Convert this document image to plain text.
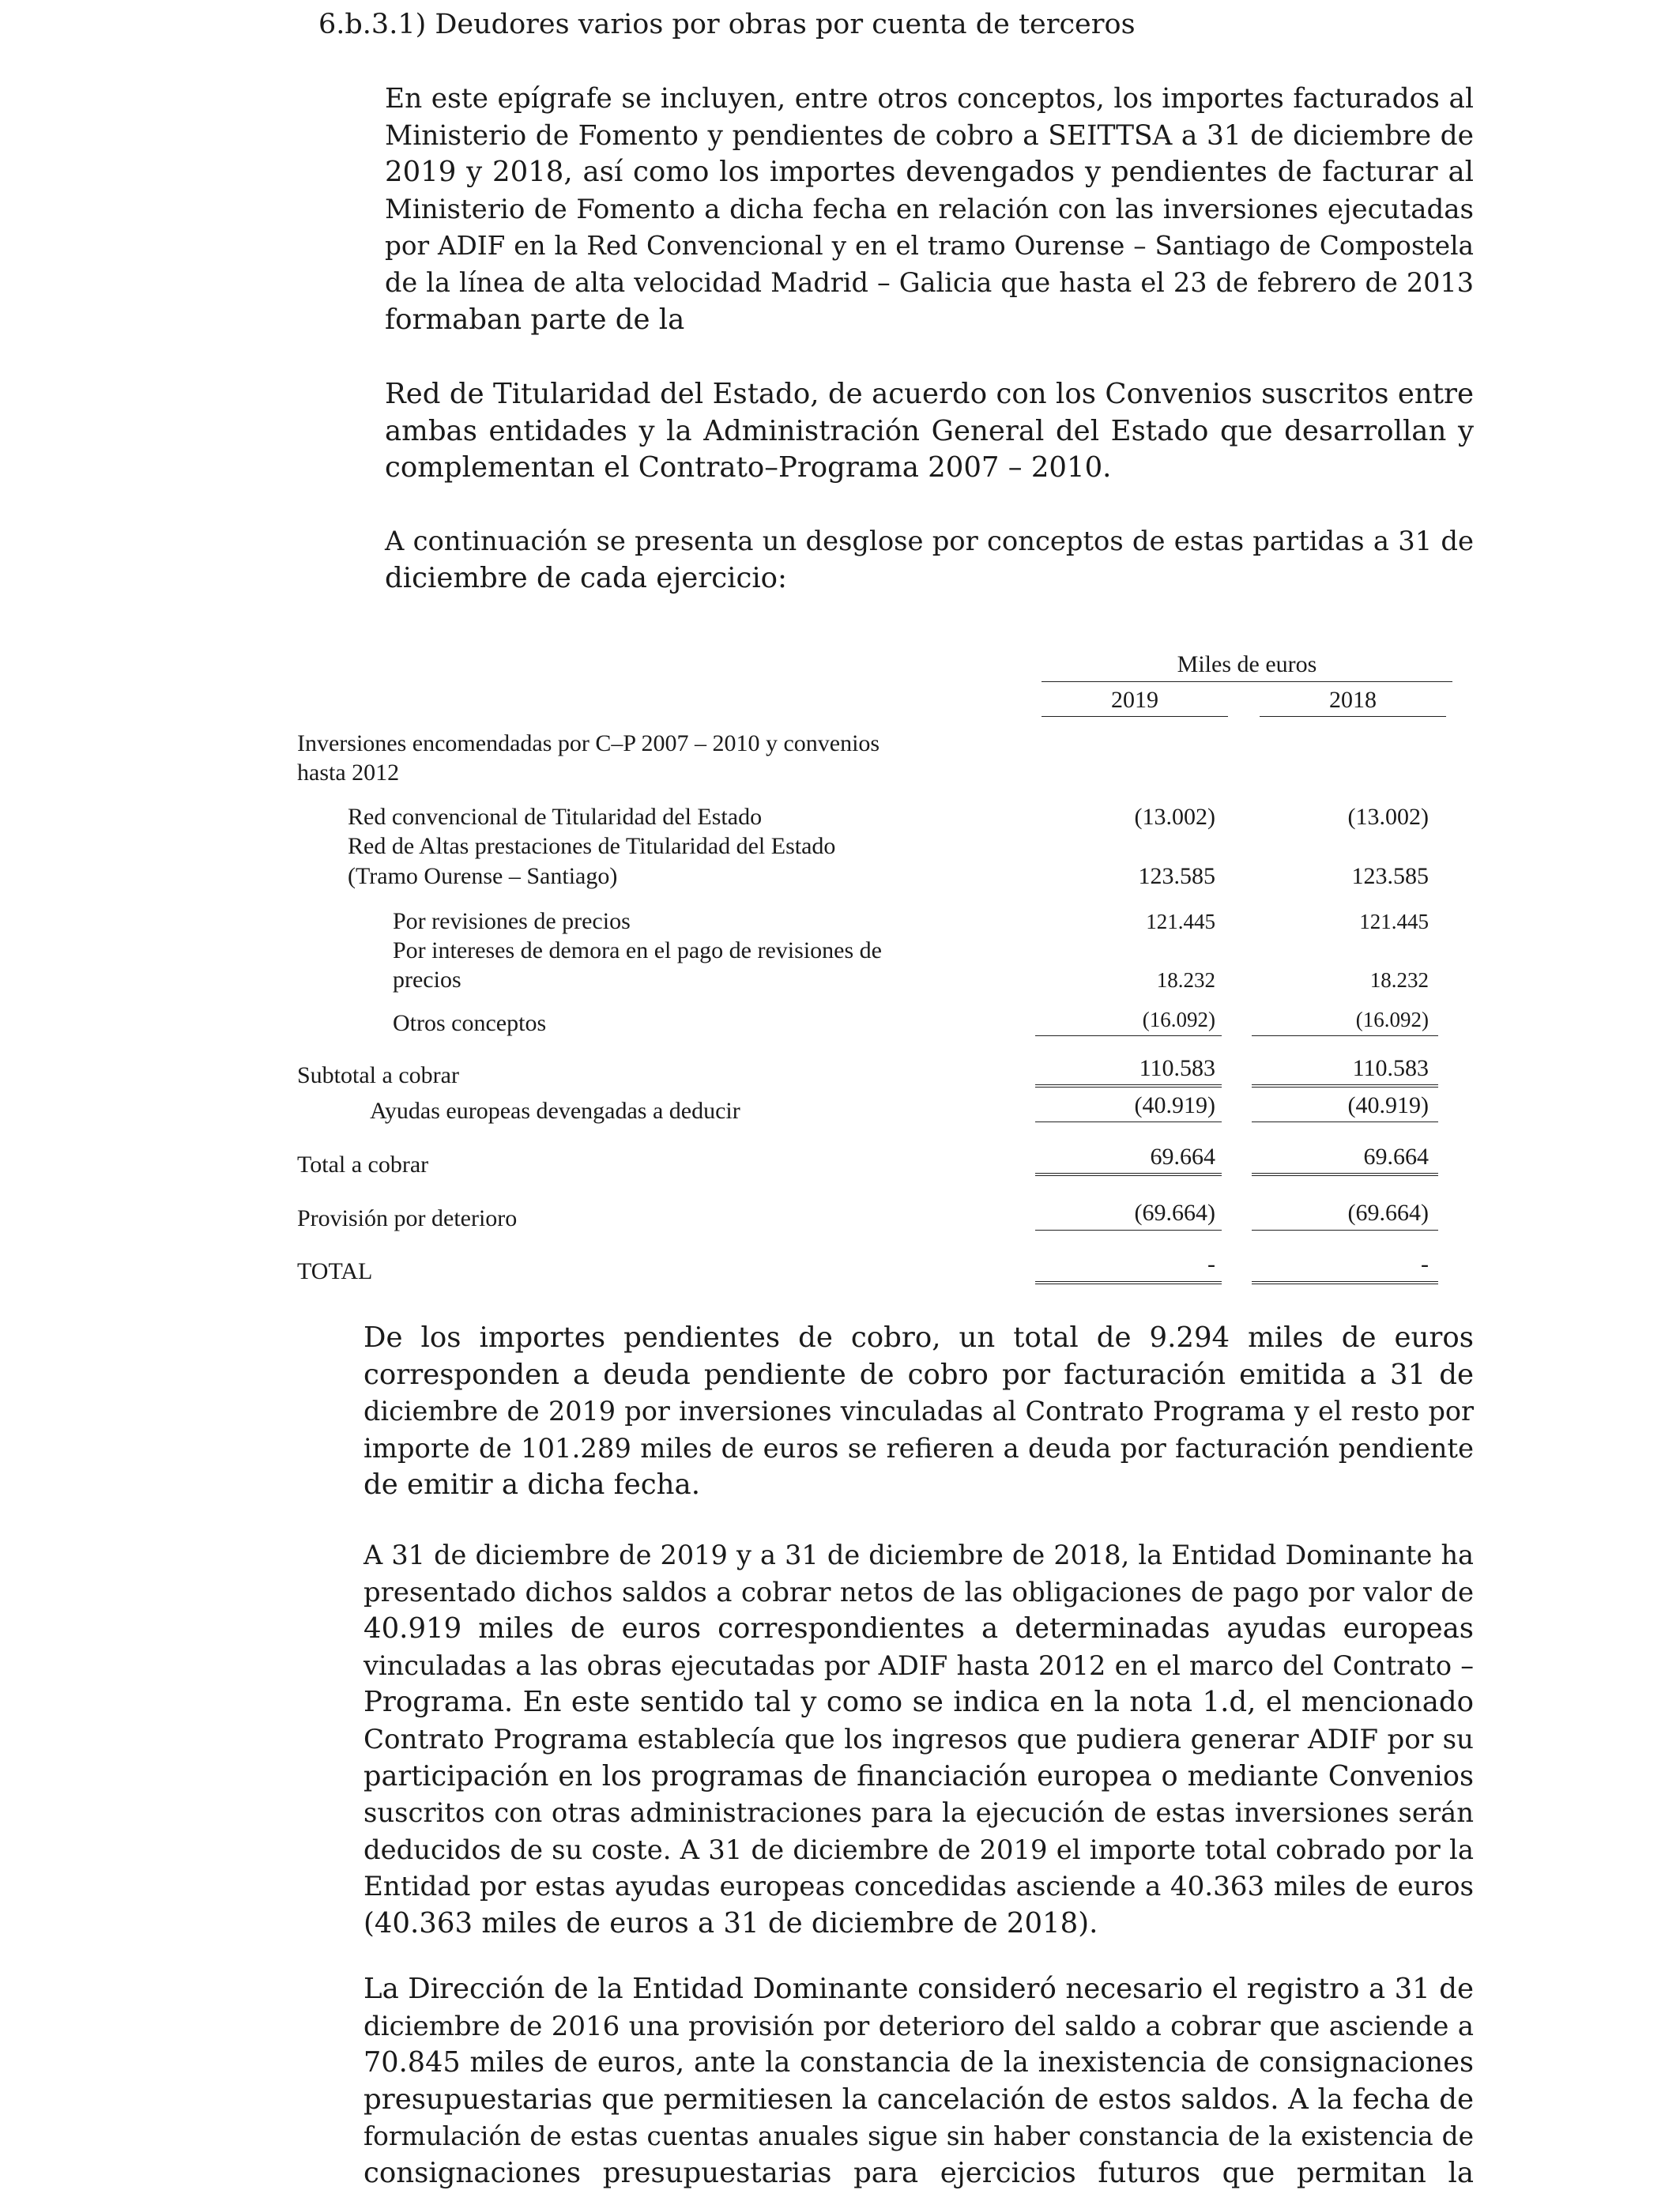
6.b.3.1) Deudores varios por obras por cuenta de terceros
En este epígrafe se incluyen, entre otros conceptos, los importes facturados al
Ministerio de Fomento y pendientes de cobro a SEITTSA a 31 de diciembre de
2019 y 2018, así como los importes devengados y pendientes de facturar al
Ministerio de Fomento a dicha fecha en relación con las inversiones ejecutadas
por ADIF en la Red Convencional y en el tramo Ourense – Santiago de Compostela
de la línea de alta velocidad Madrid – Galicia que hasta el 23 de febrero de 2013
formaban parte de la
Red de Titularidad del Estado, de acuerdo con los Convenios suscritos entre
ambas entidades y la Administración General del Estado que desarrollan y
complementan el Contrato–Programa 2007 – 2010.
A continuación se presenta un desglose por conceptos de estas partidas a 31 de
diciembre de cada ejercicio:
Miles de euros
2019	2018
Inversiones encomendadas por C–P 2007 – 2010 y convenios
hasta 2012
Red convencional de Titularidad del Estado	(13.002)	(13.002)
Red de Altas prestaciones de Titularidad del Estado
(Tramo Ourense – Santiago)	123.585	123.585
Por revisiones de precios	121.445	121.445
Por intereses de demora en el pago de revisiones de
precios	18.232	18.232
Otros conceptos	(16.092)	(16.092)
Subtotal a cobrar	110.583	110.583
Ayudas europeas devengadas a deducir	(40.919)	(40.919)
Total a cobrar	69.664	69.664
Provisión por deterioro	(69.664)	(69.664)
TOTAL	-	-
De los importes pendientes de cobro, un total de 9.294 miles de euros
corresponden a deuda pendiente de cobro por facturación emitida a 31 de
diciembre de 2019 por inversiones vinculadas al Contrato Programa y el resto por
importe de 101.289 miles de euros se refieren a deuda por facturación pendiente
de emitir a dicha fecha.
A 31 de diciembre de 2019 y a 31 de diciembre de 2018, la Entidad Dominante ha
presentado dichos saldos a cobrar netos de las obligaciones de pago por valor de
40.919 miles de euros correspondientes a determinadas ayudas europeas
vinculadas a las obras ejecutadas por ADIF hasta 2012 en el marco del Contrato –
Programa. En este sentido tal y como se indica en la nota 1.d, el mencionado
Contrato Programa establecía que los ingresos que pudiera generar ADIF por su
participación en los programas de financiación europea o mediante Convenios
suscritos con otras administraciones para la ejecución de estas inversiones serán
deducidos de su coste. A 31 de diciembre de 2019 el importe total cobrado por la
Entidad por estas ayudas europeas concedidas asciende a 40.363 miles de euros
(40.363 miles de euros a 31 de diciembre de 2018).
La Dirección de la Entidad Dominante consideró necesario el registro a 31 de
diciembre de 2016 una provisión por deterioro del saldo a cobrar que asciende a
70.845 miles de euros, ante la constancia de la inexistencia de consignaciones
presupuestarias que permitiesen la cancelación de estos saldos. A la fecha de
formulación de estas cuentas anuales sigue sin haber constancia de la existencia de
consignaciones presupuestarias para ejercicios futuros que permitan la
